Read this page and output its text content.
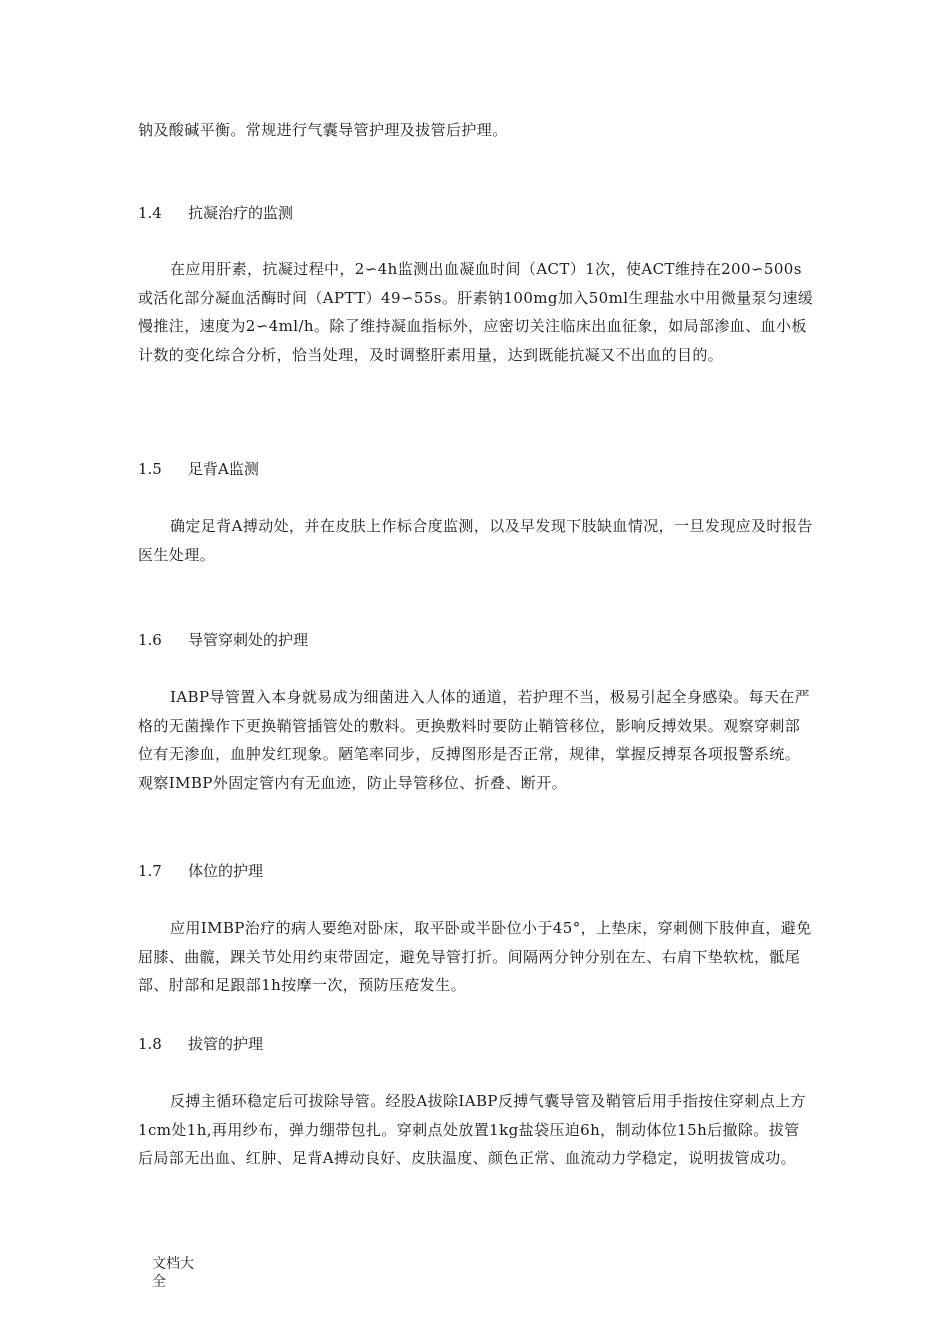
钠及酸碱平衡。常规进行气囊导管护理及拔管后护理。

1.4 抗凝治疗的监测

在应用肝素，抗凝过程中，2∽4h监测出血凝血时间（ACT）1次，使ACT维持在200∽500s或活化部分凝血活酶时间（APTT）49∽55s。肝素钠100mg加入50ml生理盐水中用微量泵匀速缓慢推注，速度为2∽4ml/h。除了维持凝血指标外，应密切关注临床出血征象，如局部渗血、血小板计数的变化综合分析，恰当处理，及时调整肝素用量，达到既能抗凝又不出血的目的。

1.5 足背A监测

确定足背A搏动处，并在皮肤上作标合度监测，以及早发现下肢缺血情况，一旦发现应及时报告医生处理。

1.6 导管穿刺处的护理

IABP导管置入本身就易成为细菌进入人体的通道，若护理不当，极易引起全身感染。每天在严格的无菌操作下更换鞘管插管处的敷料。更换敷料时要防止鞘管移位，影响反搏效果。观察穿刺部位有无渗血，血肿发红现象。陋笔率同步，反搏图形是否正常，规律，掌握反搏泵各项报警系统。观察IMBP外固定管内有无血迹，防止导管移位、折叠、断开。

1.7 体位的护理

应用IMBP治疗的病人要绝对卧床，取平卧或半卧位小于45°，上垫床，穿刺侧下肢伸直，避免屈膝、曲髋，踝关节处用约束带固定，避免导管打折。间隔两分钟分别在左、右肩下垫软枕，骶尾部、肘部和足跟部1h按摩一次，预防压疮发生。

1.8 拔管的护理

反搏主循环稳定后可拔除导管。经股A拔除IABP反搏气囊导管及鞘管后用手指按住穿刺点上方1cm处1h,再用纱布，弹力绷带包扎。穿刺点处放置1kg盐袋压迫6h，制动体位15h后撤除。拔管后局部无出血、红肿、足背A搏动良好、皮肤温度、颜色正常、血流动力学稳定，说明拔管成功。

文档大全
